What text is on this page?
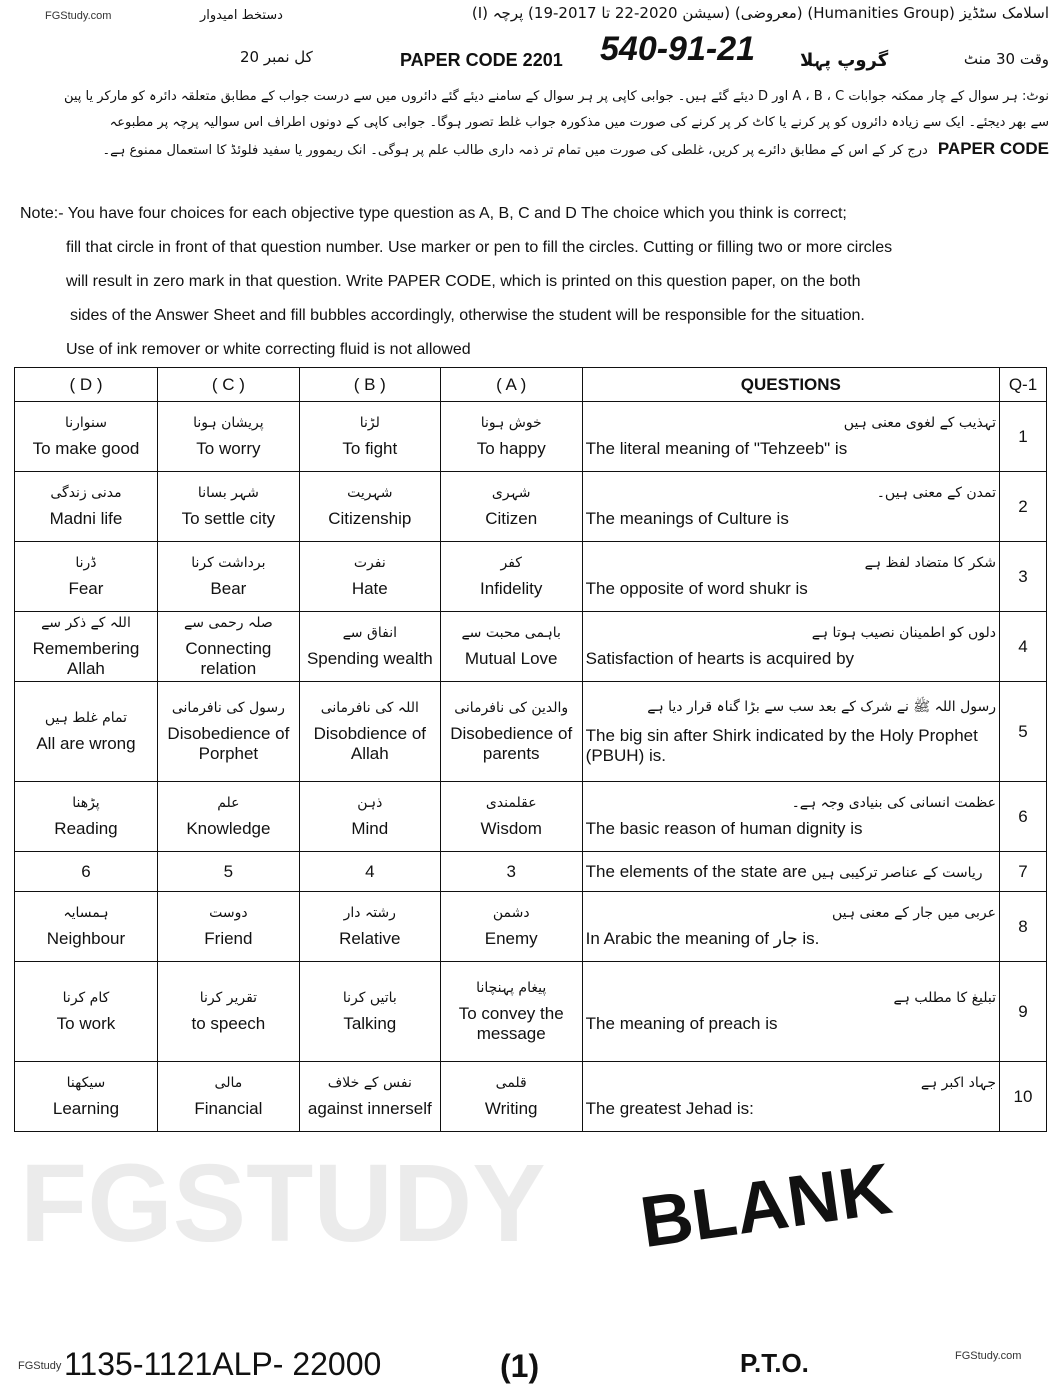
FGSTUDY
FGStudy.com	دستخط امیدوار	اسلامک سٹڈیز (Humanities Group) (معروضی) (سیشن 2020-22 تا 2017-19) پرچہ (I)
کل نمبر 20	PAPER CODE 2201 540-91-21 گروپ پہلا	وقت 30 منٹ
نوٹ: ہر سوال کے چار ممکنہ جوابات A ، B ، C اور D دیئے گئے ہیں۔ جوابی کاپی پر ہر سوال کے سامنے دیئے گئے دائروں میں سے درست جواب کے مطابق متعلقہ دائرہ کو مارکر یا پین
سے بھر دیجئے۔ ایک سے زیادہ دائروں کو پر کرنے یا کاٹ کر پر کرنے کی صورت میں مذکورہ جواب غلط تصور ہوگا۔ جوابی کاپی کے دونوں اطراف اس سوالیہ پرچہ پر مطبوعہ
PAPER CODEدرج کر کے اس کے مطابق دائرے پر کریں، غلطی کی صورت میں تمام تر ذمہ داری طالب علم پر ہوگی۔ انک ریموور یا سفید فلوئڈ کا استعمال ممنوع ہے۔
Note:- You have four choices for each objective type question as A, B, C and D The choice which you think is correct;
fill that circle in front of that question number. Use marker or pen to fill the circles. Cutting or filling two or more circles
will result in zero mark in that question. Write PAPER CODE, which is printed on this question paper, on the both
sides of the Answer Sheet and fill bubbles accordingly, otherwise the student will be responsible for the situation.
Use of ink remover or white correcting fluid is not allowed
( D )	( C )	( B )	( A )	QUESTIONS	Q-1

سنوارنا
To make good	پریشان ہونا
To worry	لڑنا
To fight	خوش ہونا
To happy	تہذیب کے لغوی معنی ہیں
The literal meaning of "Tehzeeb" is	1

مدنی زندگی
Madni life	شہر بسانا
To settle city	شہریت
Citizenship	شہری
Citizen	تمدن کے معنی ہیں۔
The meanings of Culture is	2

ڈرنا
Fear	برداشت کرنا
Bear	نفرت
Hate	کفر
Infidelity	شکر کا متضاد لفظ ہے
The opposite of word shukr is	3

اللہ کے ذکر سے
Remembering Allah	صلہ رحمی سے
Connecting relation	انفاق سے
Spending wealth	باہمی محبت سے
Mutual Love	دلوں کو اطمینان نصیب ہوتا ہے
Satisfaction of hearts is acquired by	4

تمام غلط ہیں
All are wrong	رسول کی نافرمانی
Disobedience of Porphet	اللہ کی نافرمانی
Disobdience of Allah	والدین کی نافرمانی
Disobedience of parents	رسول اللہ ﷺ نے شرک کے بعد سب سے بڑا گناہ قرار دیا ہے
The big sin after Shirk indicated by the Holy Prophet (PBUH) is.	5

پڑھنا
Reading	علم
Knowledge	ذہن
Mind	عقلمندی
Wisdom	عظمت انسانی کی بنیادی وجہ ہے۔
The basic reason of human dignity is	6
6	5	4	3	The elements of the state are ریاست کے عناصر ترکیبی ہیں	7

ہمسایہ
Neighbour	دوست
Friend	رشتہ دار
Relative	دشمن
Enemy	عربی میں جار کے معنی ہیں
In Arabic the meaning of جار is.	8

کام کرنا
To work	تقریر کرنا
to speech	باتیں کرنا
Talking	پیغام پہنچانا
To convey the message	تبلیغ کا مطلب ہے
The meaning of preach is	9

سیکھنا
Learning	مالی
Financial	نفس کے خلاف
against innerself	قلمی
Writing	جہاد اکبر ہے
The greatest Jehad is:	10
BLANK
FGStudy 1135-1121ALP- 22000	(1)	P.T.O.	FGStudy.com
